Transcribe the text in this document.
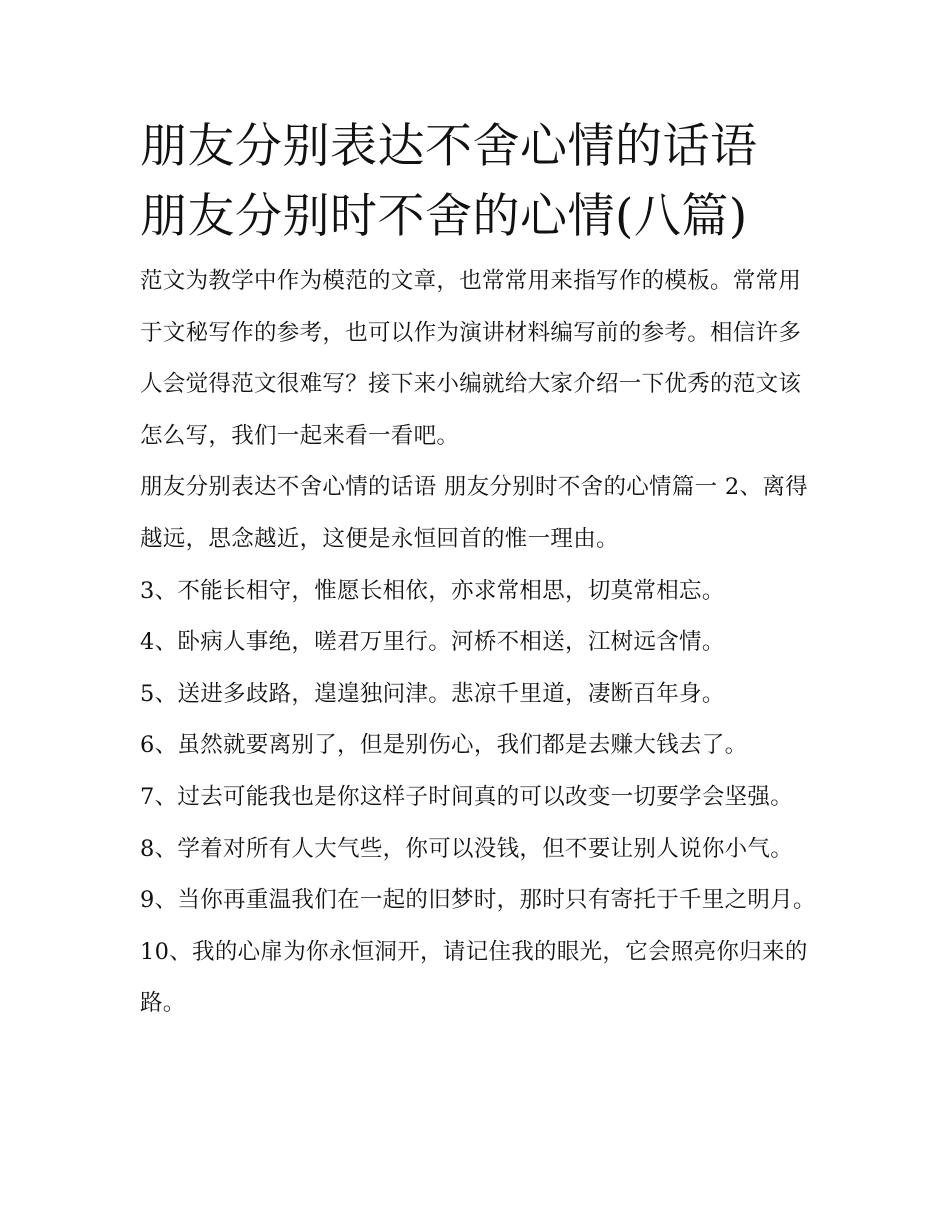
朋友分别表达不舍心情的话语
朋友分别时不舍的心情(八篇)

范文为教学中作为模范的文章，也常常用来指写作的模板。常常用于文秘写作的参考，也可以作为演讲材料编写前的参考。相信许多人会觉得范文很难写？接下来小编就给大家介绍一下优秀的范文该怎么写，我们一起来看一看吧。

朋友分别表达不舍心情的话语 朋友分别时不舍的心情篇一 2、离得越远，思念越近，这便是永恒回首的惟一理由。

3、不能长相守，惟愿长相依，亦求常相思，切莫常相忘。

4、卧病人事绝，嗟君万里行。河桥不相送，江树远含情。

5、送进多歧路，遑遑独问津。悲凉千里道，凄断百年身。

6、虽然就要离别了，但是别伤心，我们都是去赚大钱去了。

7、过去可能我也是你这样子时间真的可以改变一切要学会坚强。 8、学着对所有人大气些，你可以没钱，但不要让别人说你小气。

9、当你再重温我们在一起的旧梦时，那时只有寄托于千里之明月。 10、我的心扉为你永恒洞开，请记住我的眼光，它会照亮你归来的路。
